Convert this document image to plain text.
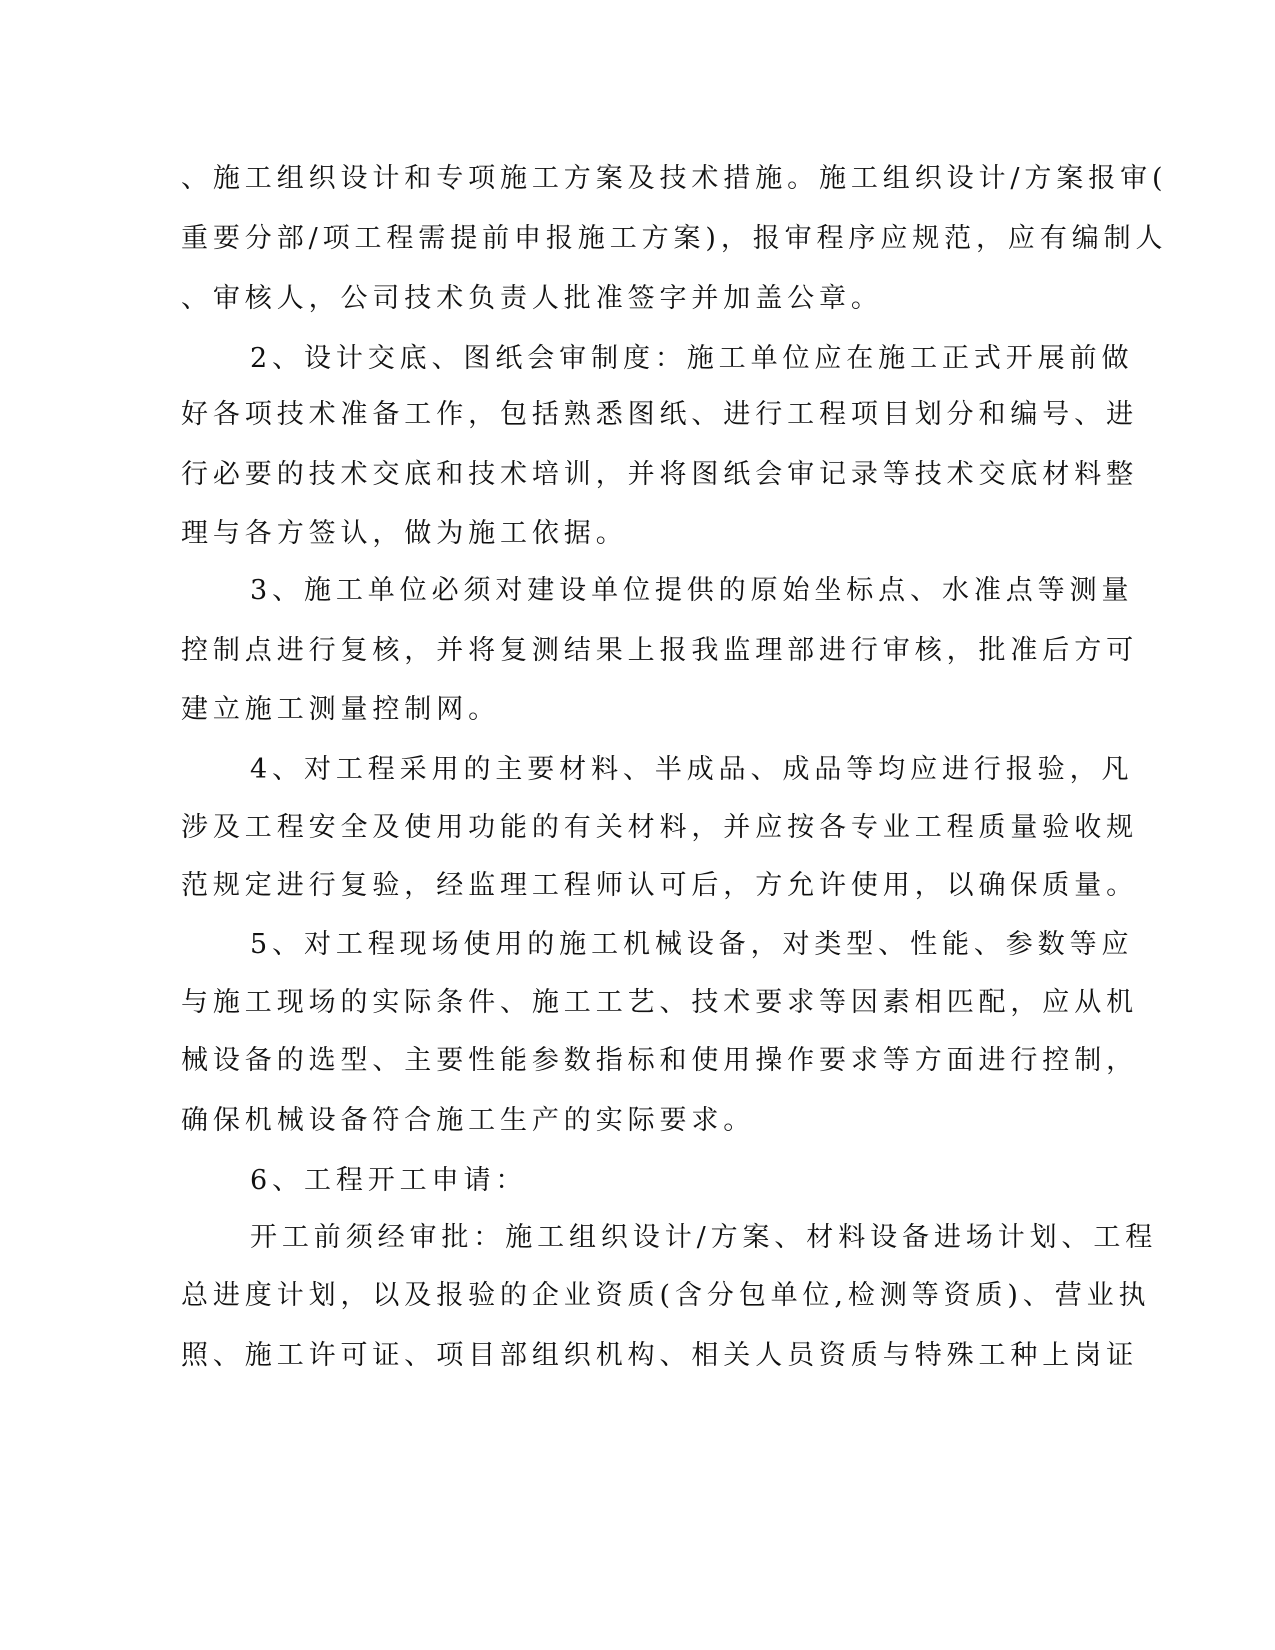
、施工组织设计和专项施工方案及技术措施。施工组织设计/方案报审(
重要分部/项工程需提前申报施工方案)，报审程序应规范，应有编制人
、审核人，公司技术负责人批准签字并加盖公章。
2、设计交底、图纸会审制度：施工单位应在施工正式开展前做
好各项技术准备工作，包括熟悉图纸、进行工程项目划分和编号、进
行必要的技术交底和技术培训，并将图纸会审记录等技术交底材料整
理与各方签认，做为施工依据。
3、施工单位必须对建设单位提供的原始坐标点、水准点等测量
控制点进行复核，并将复测结果上报我监理部进行审核，批准后方可
建立施工测量控制网。
4、对工程采用的主要材料、半成品、成品等均应进行报验，凡
涉及工程安全及使用功能的有关材料，并应按各专业工程质量验收规
范规定进行复验，经监理工程师认可后，方允许使用，以确保质量。
5、对工程现场使用的施工机械设备，对类型、性能、参数等应
与施工现场的实际条件、施工工艺、技术要求等因素相匹配，应从机
械设备的选型、主要性能参数指标和使用操作要求等方面进行控制，
确保机械设备符合施工生产的实际要求。
6、工程开工申请：
开工前须经审批：施工组织设计/方案、材料设备进场计划、工程
总进度计划，以及报验的企业资质(含分包单位,检测等资质)、营业执
照、施工许可证、项目部组织机构、相关人员资质与特殊工种上岗证
